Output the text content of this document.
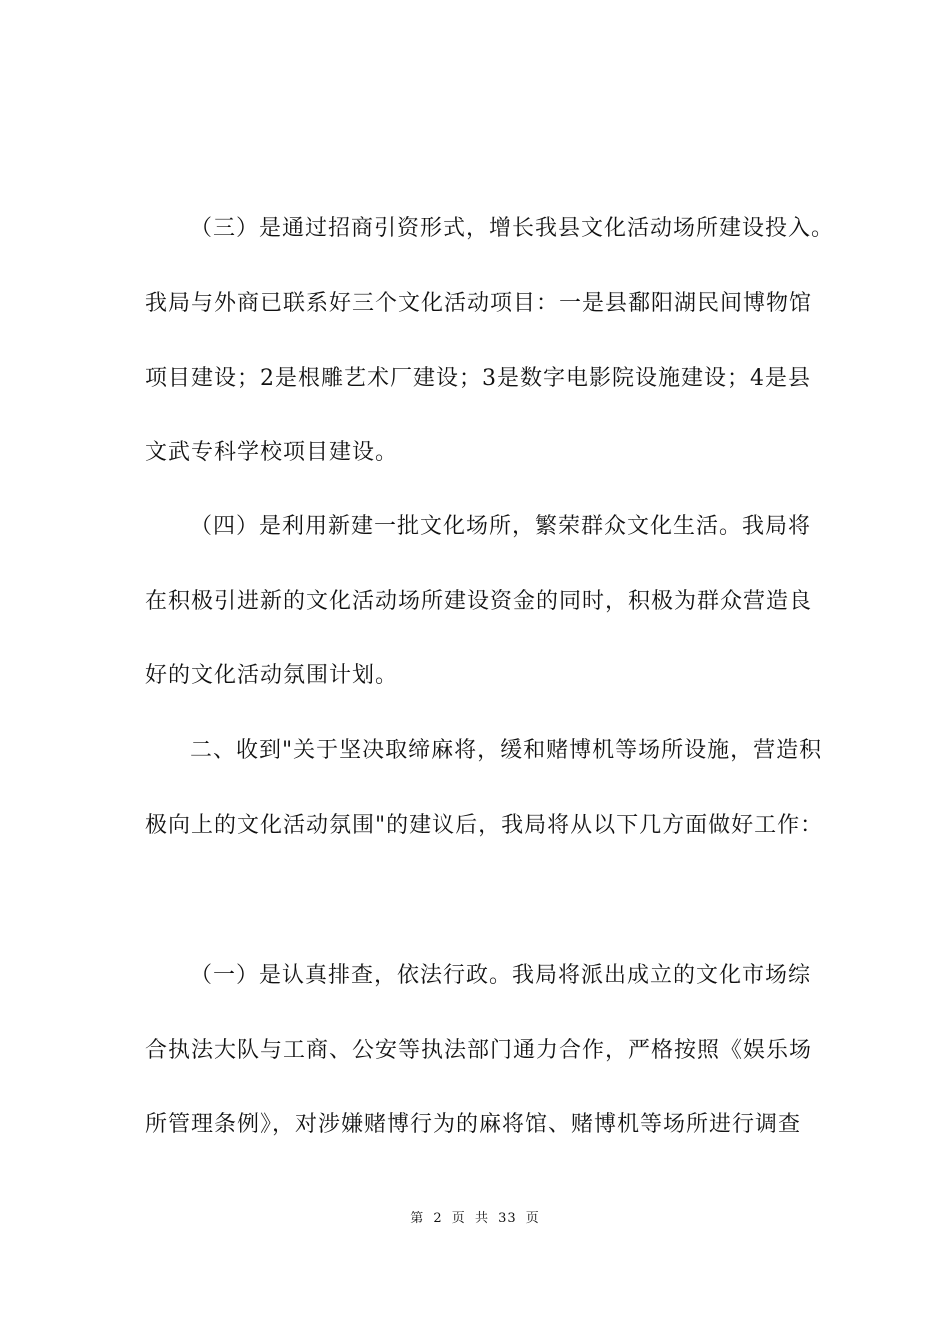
（三）是通过招商引资形式，增长我县文化活动场所建设投入。
我局与外商已联系好三个文化活动项目：一是县鄱阳湖民间博物馆
项目建设；2是根雕艺术厂建设；3是数字电影院设施建设；4是县
文武专科学校项目建设。
（四）是利用新建一批文化场所，繁荣群众文化生活。我局将
在积极引进新的文化活动场所建设资金的同时，积极为群众营造良
好的文化活动氛围计划。
二、收到"关于坚决取缔麻将，缓和赌博机等场所设施，营造积
极向上的文化活动氛围"的建议后，我局将从以下几方面做好工作：
（一）是认真排查，依法行政。我局将派出成立的文化市场综
合执法大队与工商、公安等执法部门通力合作，严格按照《娱乐场
所管理条例》，对涉嫌赌博行为的麻将馆、赌博机等场所进行调查
第 2 页 共 33 页
